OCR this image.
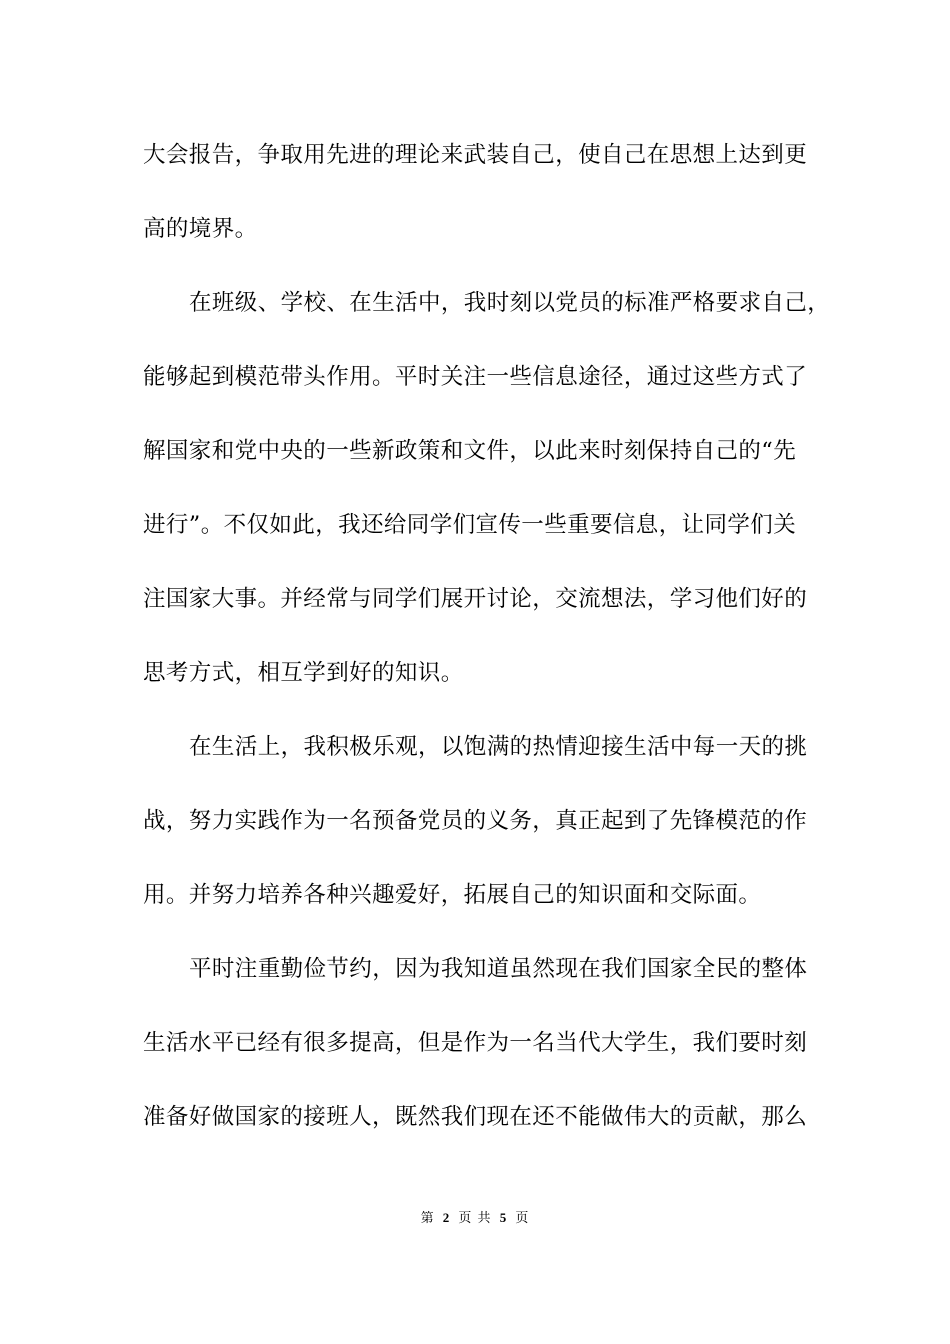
大会报告，争取用先进的理论来武装自己，使自己在思想上达到更
高的境界。
在班级、学校、在生活中，我时刻以党员的标准严格要求自己，
能够起到模范带头作用。平时关注一些信息途径，通过这些方式了
解国家和党中央的一些新政策和文件，以此来时刻保持自己的“先
进行”。不仅如此，我还给同学们宣传一些重要信息，让同学们关
注国家大事。并经常与同学们展开讨论，交流想法，学习他们好的
思考方式，相互学到好的知识。
在生活上，我积极乐观，以饱满的热情迎接生活中每一天的挑
战，努力实践作为一名预备党员的义务，真正起到了先锋模范的作
用。并努力培养各种兴趣爱好，拓展自己的知识面和交际面。
平时注重勤俭节约，因为我知道虽然现在我们国家全民的整体
生活水平已经有很多提高，但是作为一名当代大学生，我们要时刻
准备好做国家的接班人，既然我们现在还不能做伟大的贡献，那么
第 2 页 共 5 页
